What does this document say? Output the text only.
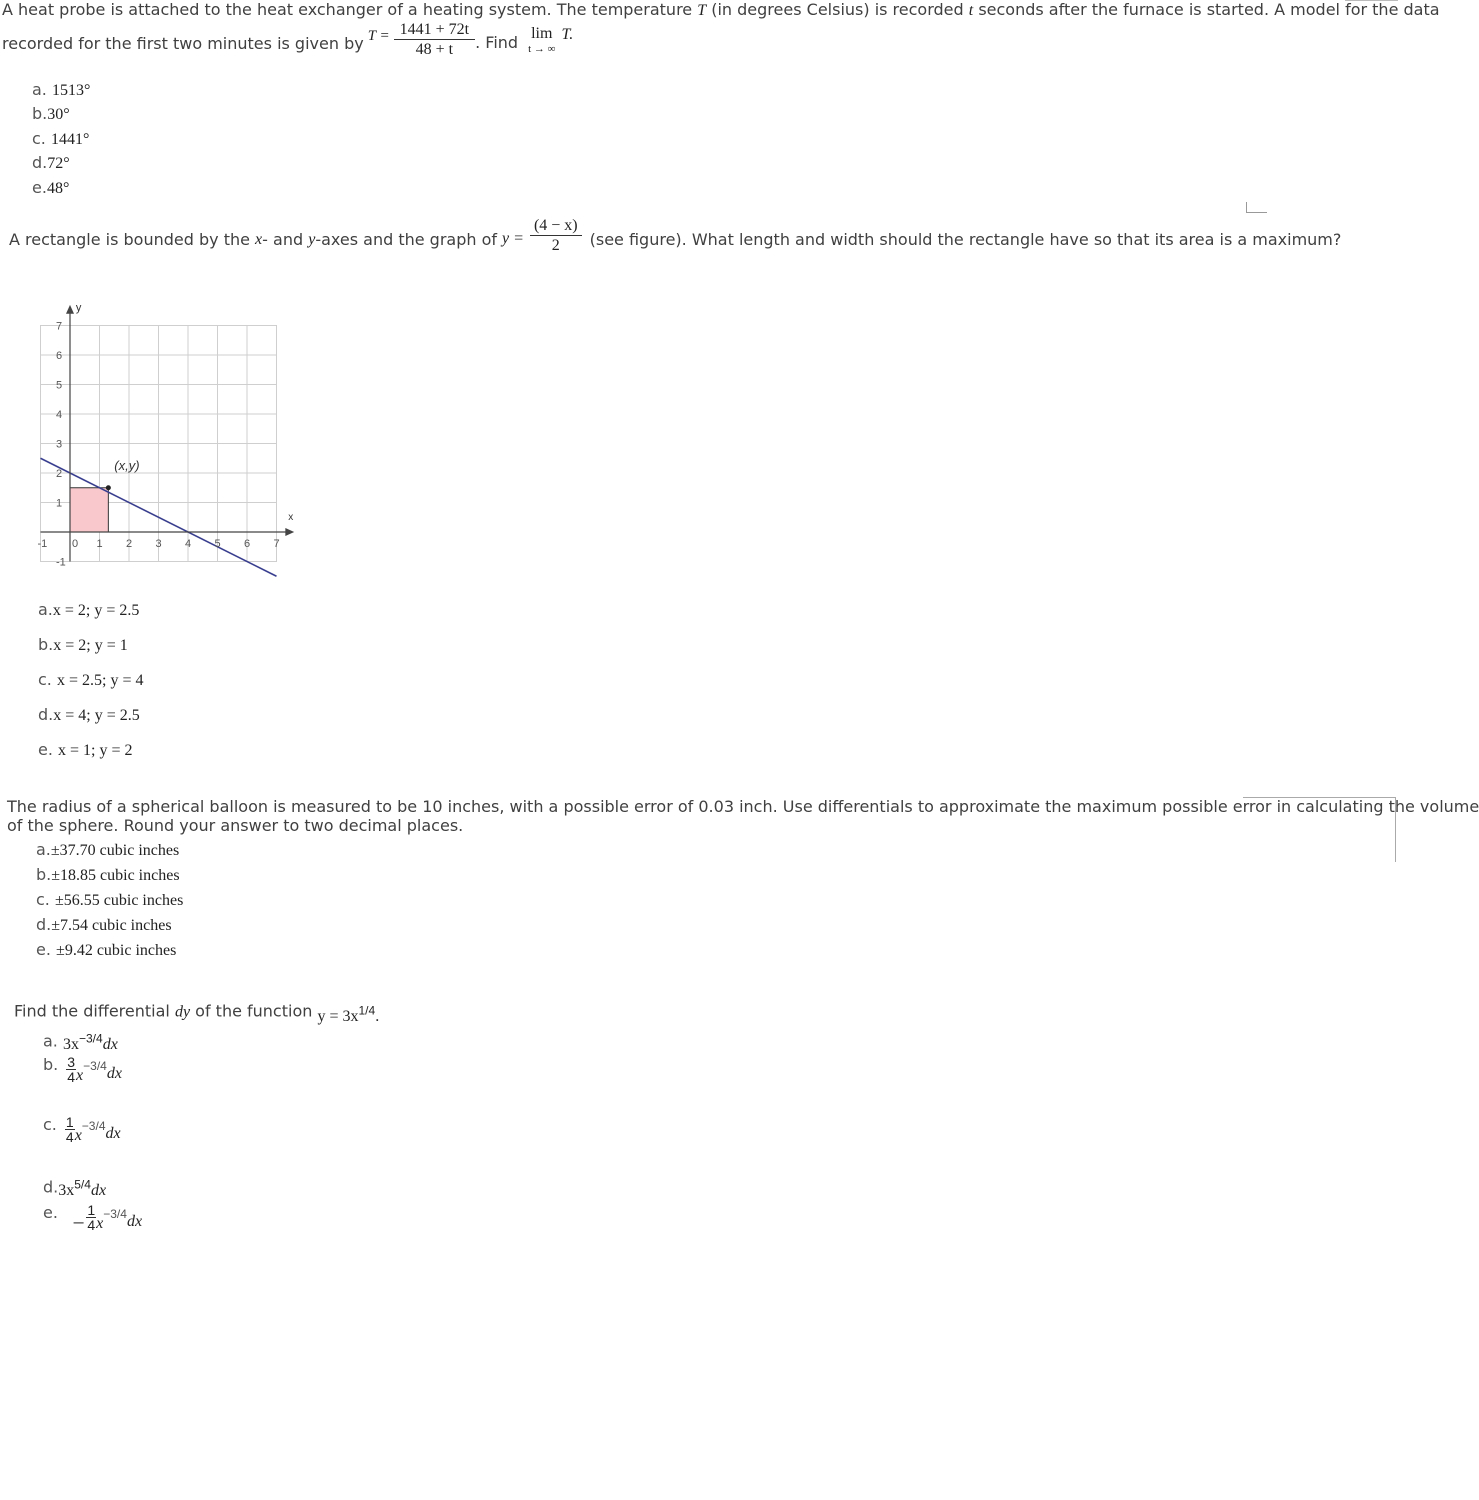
A heat probe is attached to the heat exchanger of a heating system. The temperature T (in degrees Celsius) is recorded t seconds after the furnace is started. A model for the data
recorded for the first two minutes is given by $T = \frac{1441 + 72t}{48 + t}$ . Find lim
t → ∞
T.
a. 1513°
b.30°
c. 1441°
d.72°
e.48°
A rectangle is bounded by the
x - and
y -axes and the graph of $y = \frac{(4 - x)}{2} (see$ figure). What length and width should the rectangle have so that its area is a maximum?
(x,y)
y
x
-1 0 1 2 3 4 5 6 7
7
6
5
4
3
2
1
-1
a.x = 2; y = 2.5
b.x = 2; y = 1
c. x = 2.5; y = 4
d.x = 4; y = 2.5
e. x = 1; y = 2
The radius of a spherical balloon is measured to be 10 inches, with a possible error of 0.03 inch. Use differentials to approximate the maximum possible error in calculating the volume
of the sphere. Round your answer to two decimal places.
a.±37.70 cubic inches
b.±18.85 cubic inches
c. ±56.55 cubic inches
d.±7.54 cubic inches
e. ±9.42 cubic inches
Find the differential dy of the function $y = 3x^{1/4}$.
a. $3x^{-3/4}dx$
b. $\frac{3}{4}$ x
$^{-3/4}$ dx
c. $\frac{1}{4}$ x
$^{-3/4}$ dx
$d.3x^{5/4}dx$
e.
− $\frac{1}{4}$ x
$^{-3/4}$ dx
